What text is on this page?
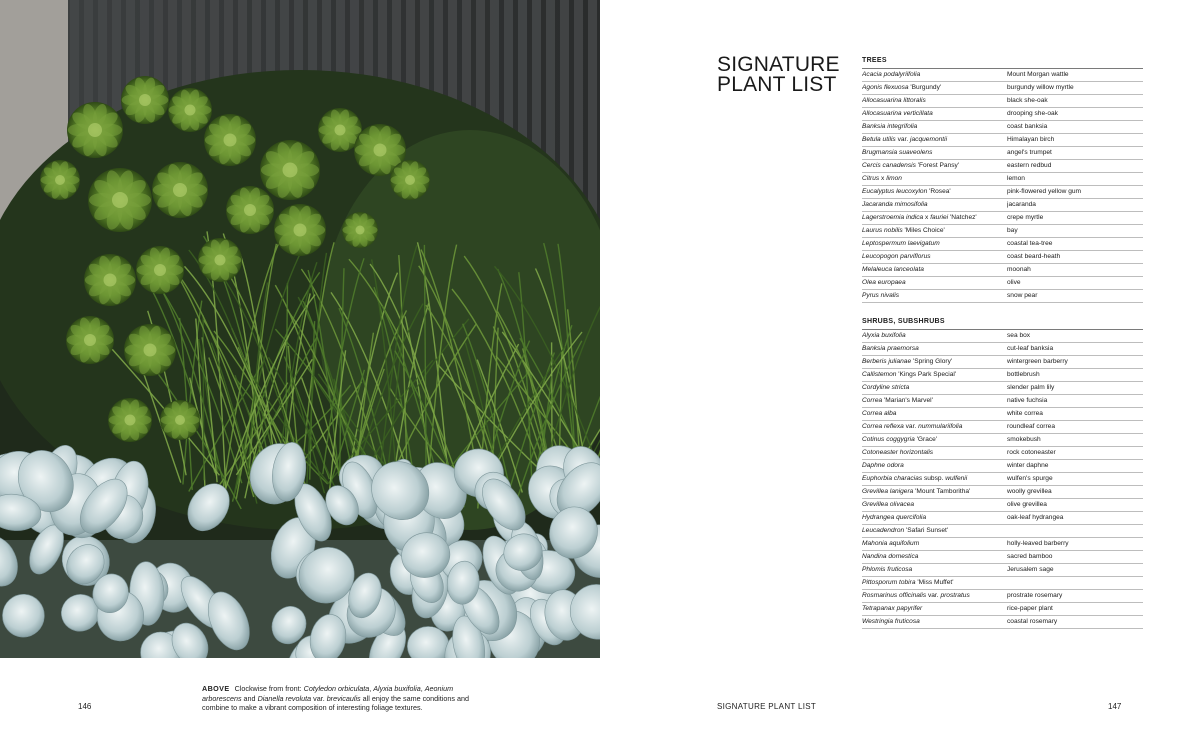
ABOVE Clockwise from front: Cotyledon orbiculata, Alyxia buxifolia, Aeonium arborescens and Dianella revoluta var. brevicaulis all enjoy the same conditions and combine to make a vibrant composition of interesting foliage textures.
146
SIGNATURE
PLANT LIST
TREES
Acacia podalyriifolia	Mount Morgan wattle
Agonis flexuosa 'Burgundy'	burgundy willow myrtle
Allocasuarina littoralis	black she-oak
Allocasuarina verticillata	drooping she-oak
Banksia integrifolia	coast banksia
Betula utilis var. jacquemontii	Himalayan birch
Brugmansia suaveolens	angel's trumpet
Cercis canadensis 'Forest Pansy'	eastern redbud
Citrus x limon	lemon
Eucalyptus leucoxylon 'Rosea'	pink-flowered yellow gum
Jacaranda mimosifolia	jacaranda
Lagerstroemia indica x fauriei 'Natchez'	crepe myrtle
Laurus nobilis 'Miles Choice'	bay
Leptospermum laevigatum	coastal tea-tree
Leucopogon parviflorus	coast beard-heath
Melaleuca lanceolata	moonah
Olea europaea	olive
Pyrus nivalis	snow pear
SHRUBS, SUBSHRUBS
Alyxia buxifolia	sea box
Banksia praemorsa	cut-leaf banksia
Berberis julianae 'Spring Glory'	wintergreen barberry
Callistemon 'Kings Park Special'	bottlebrush
Cordyline stricta	slender palm lily
Correa 'Marian's Marvel'	native fuchsia
Correa alba	white correa
Correa reflexa var. nummulariifolia	roundleaf correa
Cotinus coggygria 'Grace'	smokebush
Cotoneaster horizontalis	rock cotoneaster
Daphne odora	winter daphne
Euphorbia characias subsp. wulfenii	wulfen's spurge
Grevillea lanigera 'Mount Tamboritha'	woolly grevillea
Grevillea olivacea	olive grevillea
Hydrangea quercifolia	oak-leaf hydrangea
Leucadendron 'Safari Sunset'
Mahonia aquifolium	holly-leaved barberry
Nandina domestica	sacred bamboo
Phlomis fruticosa	Jerusalem sage
Pittosporum tobira 'Miss Muffet'
Rosmarinus officinalis var. prostratus	prostrate rosemary
Tetrapanax papyrifer	rice-paper plant
Westringia fruticosa	coastal rosemary
SIGNATURE PLANT LIST	147
